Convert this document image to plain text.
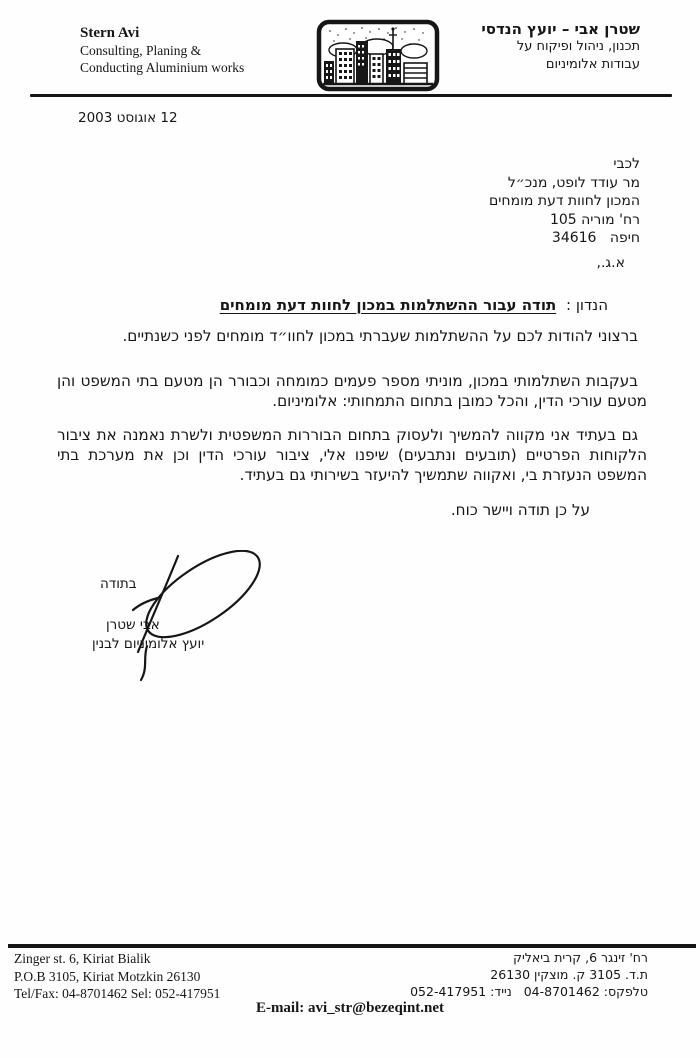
Stern Avi
Consulting, Planing &
Conducting Aluminium works
שטרן אבי – יועץ הנדסי
תכנון, ניהול ופיקוח על
עבודות אלומיניום
12 אוגוסט 2003
לכבי
מר עודד לופט, מנכ״ל
המכון לחוות דעת מומחים
רח' מוריה 105
חיפה   34616
א.ג.,
הנדון : תודה עבור ההשתלמות במכון לחוות דעת מומחים

ברצוני להודות לכם על ההשתלמות שעברתי במכון לחוו״ד מומחים לפני כשנתיים.

בעקבות השתלמותי במכון, מוניתי מספר פעמים כמומחה וכבורר הן מטעם בתי המשפט והן מטעם עורכי הדין, והכל כמובן בתחום התמחותי: אלומיניום.

גם בעתיד אני מקווה להמשיך ולעסוק בתחום הבוררות המשפטית ולשרת נאמנה את ציבור הלקוחות הפרטיים (תובעים ונתבעים) שיפנו אלי, ציבור עורכי הדין וכן את מערכת בתי המשפט הנעזרת בי, ואקווה שתמשיך להיעזר בשירותי גם בעתיד.

על כן תודה ויישר כוח.

בתודה
אבי שטרן
יועץ אלומיניום לבנין
Zinger st. 6, Kiriat Bialik
P.O.B 3105, Kiriat Motzkin 26130
Tel/Fax: 04-8701462 Sel: 052-417951
רח' זינגר 6, קרית ביאליק
ת.ד. 3105 ק. מוצקין 26130
טלפקס: 04-8701462   נייד: 052-417951
E-mail: avi_str@bezeqint.net
